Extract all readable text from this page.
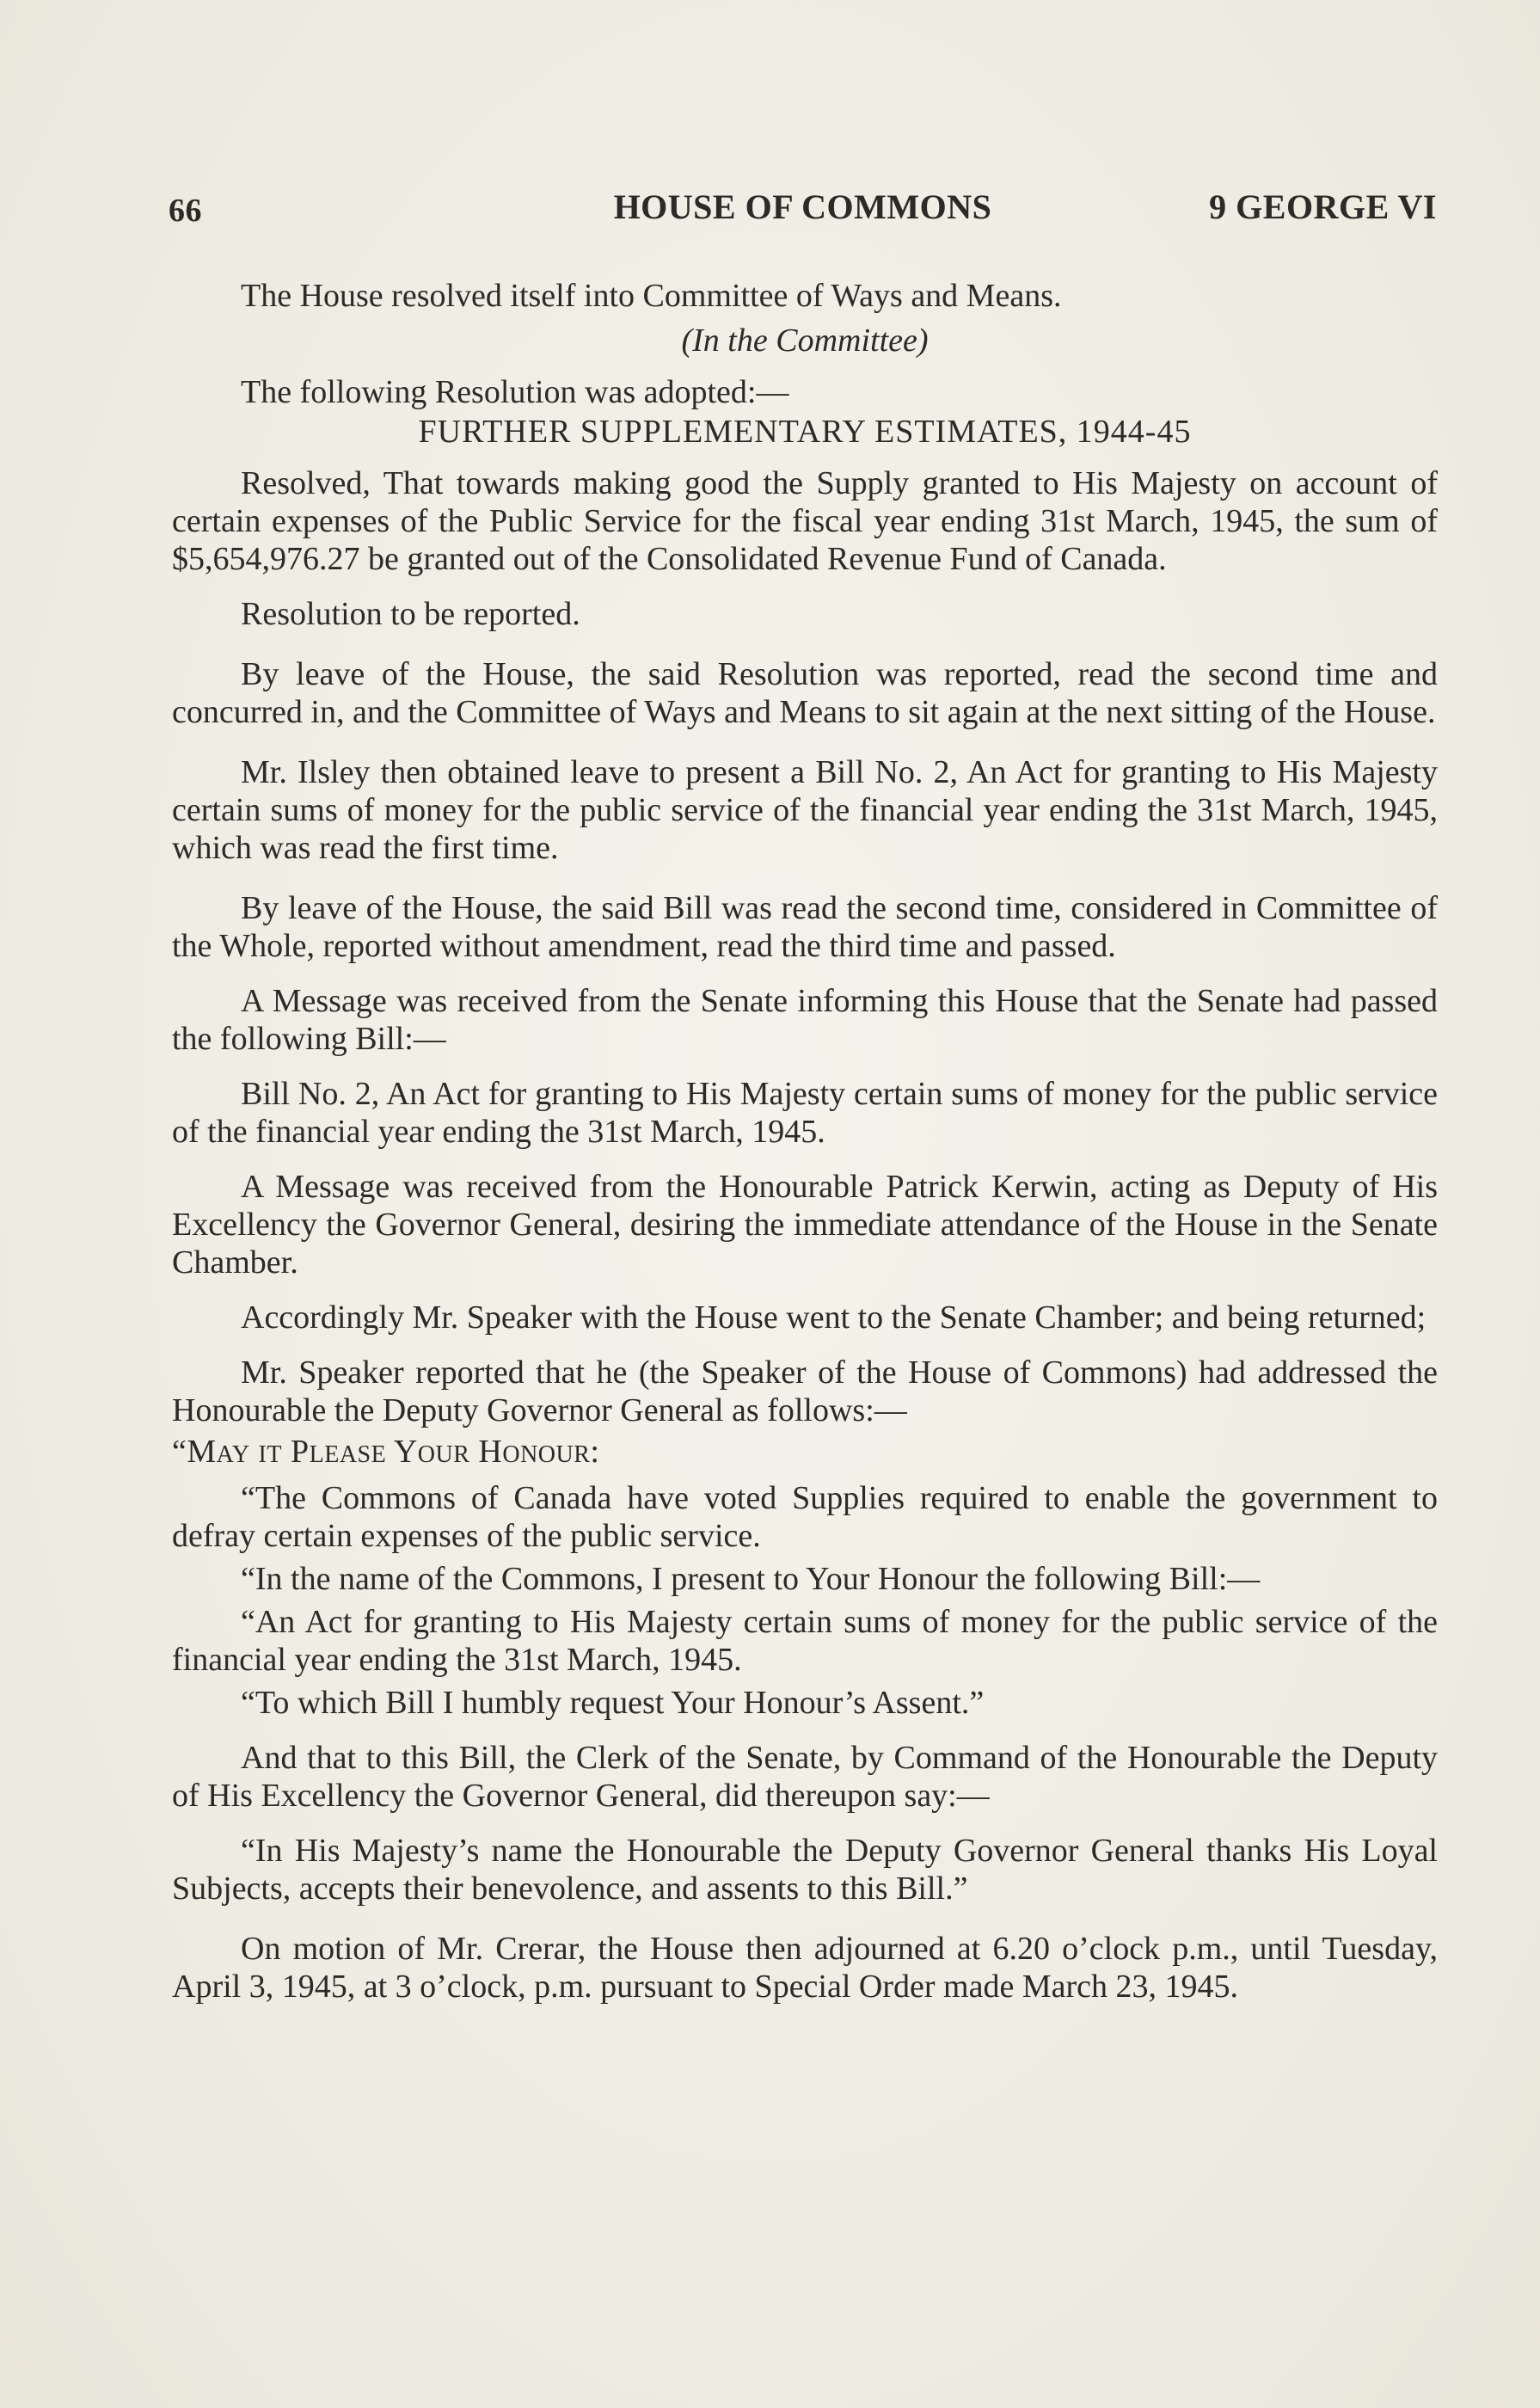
66	HOUSE OF COMMONS	9 GEORGE VI

The House resolved itself into Committee of Ways and Means.

(In the Committee)

The following Resolution was adopted:—

FURTHER SUPPLEMENTARY ESTIMATES, 1944-45

Resolved, That towards making good the Supply granted to His Majesty on account of certain expenses of the Public Service for the fiscal year ending 31st March, 1945, the sum of $5,654,976.27 be granted out of the Consolidated Revenue Fund of Canada.

Resolution to be reported.

By leave of the House, the said Resolution was reported, read the second time and concurred in, and the Committee of Ways and Means to sit again at the next sitting of the House.

Mr. Ilsley then obtained leave to present a Bill No. 2, An Act for granting to His Majesty certain sums of money for the public service of the financial year ending the 31st March, 1945, which was read the first time.

By leave of the House, the said Bill was read the second time, considered in Committee of the Whole, reported without amendment, read the third time and passed.

A Message was received from the Senate informing this House that the Senate had passed the following Bill:—

Bill No. 2, An Act for granting to His Majesty certain sums of money for the public service of the financial year ending the 31st March, 1945.

A Message was received from the Honourable Patrick Kerwin, acting as Deputy of His Excellency the Governor General, desiring the immediate attendance of the House in the Senate Chamber.

Accordingly Mr. Speaker with the House went to the Senate Chamber; and being returned;

Mr. Speaker reported that he (the Speaker of the House of Commons) had addressed the Honourable the Deputy Governor General as follows:—

“MAY IT PLEASE YOUR HONOUR:

“The Commons of Canada have voted Supplies required to enable the government to defray certain expenses of the public service.

“In the name of the Commons, I present to Your Honour the following Bill:—

“An Act for granting to His Majesty certain sums of money for the public service of the financial year ending the 31st March, 1945.

“To which Bill I humbly request Your Honour’s Assent.”

And that to this Bill, the Clerk of the Senate, by Command of the Honourable the Deputy of His Excellency the Governor General, did thereupon say:—

“In His Majesty’s name the Honourable the Deputy Governor General thanks His Loyal Subjects, accepts their benevolence, and assents to this Bill.”

On motion of Mr. Crerar, the House then adjourned at 6.20 o’clock p.m., until Tuesday, April 3, 1945, at 3 o’clock, p.m. pursuant to Special Order made March 23, 1945.
